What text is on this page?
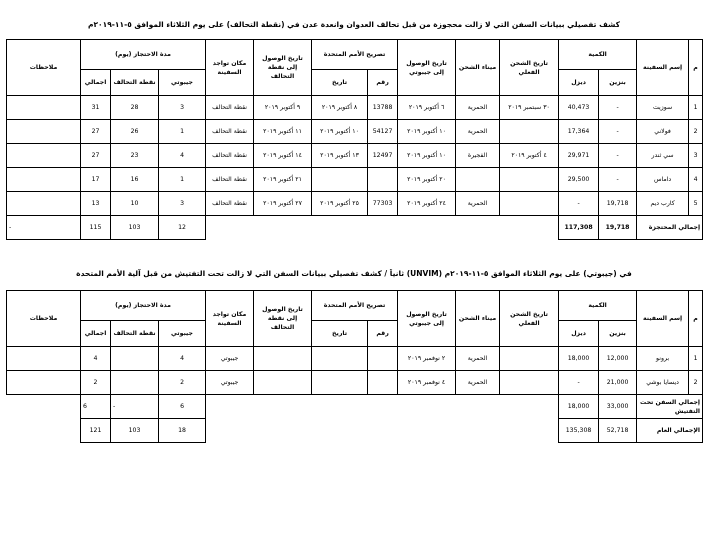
كشف تفصيلي ببيانات السفن التي لا زالت محجوزة من قبل تحالف العدوان وانعدة عدن في (نقطة التحالف) على يوم الثلاثاء الموافق ٥-١١-٢٠١٩م
م	إسم السفينة	الكمية		تاريخ الشحن الفعلي	ميناء الشحن	تاريخ الوصول إلى جيبوتي	تصريح الأمم المتحدة		تاريخ الوصول إلى نقطة التحالف	مكان تواجد السفينة	مدة الاحتجاز (يوم)			ملاحظات
							رقم	تاريخ			جيبوتي	نقطة التحالف	اجمالي	
		بنزين	ديزل											
1	سوزيت	-	40,473	٣٠ سبتمبر ٢٠١٩	الحمرية	٦ أكتوبر ٢٠١٩	13788	٨ أكتوبر ٢٠١٩	٩ أكتوبر ٢٠١٩	نقطة التحالف	3	28	31	
2	فولاني	-	17,364		الحمرية	١٠ أكتوبر ٢٠١٩	54127	١٠ أكتوبر ٢٠١٩	١١ أكتوبر ٢٠١٩	نقطة التحالف	1	26	27	
3	سي ثندر	-	29,971	٤ أكتوبر ٢٠١٩	الفجيرة	١٠ أكتوبر ٢٠١٩	12497	١٣ أكتوبر ٢٠١٩	١٤ أكتوبر ٢٠١٩	نقطة التحالف	4	23	27	
4	داماس	-	29,500			٢٠ أكتوبر ٢٠١٩			٢١ أكتوبر ٢٠١٩	نقطة التحالف	1	16	17	
5	كارب ديم	19,718	-		الحمرية	٢٤ أكتوبر ٢٠١٩	77303	٢٥ أكتوبر ٢٠١٩	٢٧ أكتوبر ٢٠١٩	نقطة التحالف	3	10	13	
إجمالي المحتجزة		19,718	117,308								12	103	115	-
ثانياً / كشف تفصيلي ببيانات السفن التي لا زالت تحت التفتيش من قبل آلية الأمم المتحدة (UNVIM) في (جيبوتي) على يوم الثلاثاء الموافق ٥-١١-٢٠١٩م
م	إسم السفينة	الكمية		تاريخ الشحن الفعلي	ميناء الشحن	تاريخ الوصول إلى جيبوتي	تصريح الأمم المتحدة		تاريخ الوصول إلى نقطة التحالف	مكان تواجد السفينة	مدة الاحتجاز (يوم)			ملاحظات
							رقم	تاريخ			جيبوتي	نقطة التحالف	اجمالي	
		بنزين	ديزل											
1	برونو	12,000	18,000		الحمرية	٢ نوفمبر ٢٠١٩				جيبوتي	4		4	
2	ديسايا بوشي	21,000	-		الحمرية	٤ نوفمبر ٢٠١٩				جيبوتي	2		2	
إجمالي السفن تحت التفتيش		33,000	18,000								6	-	6	
الإجمالي العام		52,718	135,308								18	103	121	
